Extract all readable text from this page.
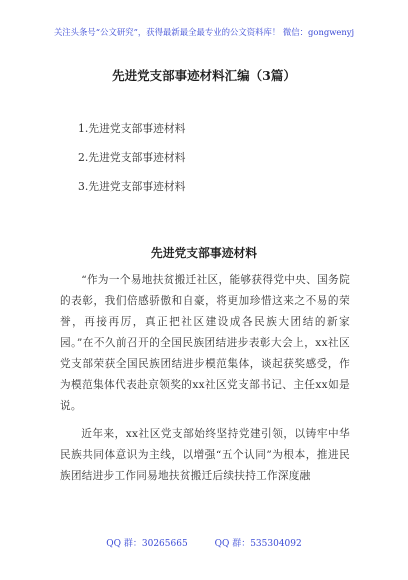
关注头条号“公文研究”，获得最新最全最专业的公文资料库！ 微信：gongwenyj
先进党支部事迹材料汇编（3篇）
1.先进党支部事迹材料
2.先进党支部事迹材料
3.先进党支部事迹材料
先进党支部事迹材料

“作为一个易地扶贫搬迁社区，能够获得党中央、国务院的表彰，我们倍感骄傲和自豪，将更加珍惜这来之不易的荣誉，再接再厉，真正把社区建设成各民族大团结的新家园。”在不久前召开的全国民族团结进步表彰大会上，xx社区党支部荣获全国民族团结进步模范集体，谈起获奖感受，作为模范集体代表赴京领奖的xx社区党支部书记、主任xx如是说。

近年来，xx社区党支部始终坚持党建引领，以铸牢中华民族共同体意识为主线，以增强“五个认同”为根本，推进民族团结进步工作同易地扶贫搬迁后续扶持工作深度融

QQ 群：30265665	QQ 群：535304092
